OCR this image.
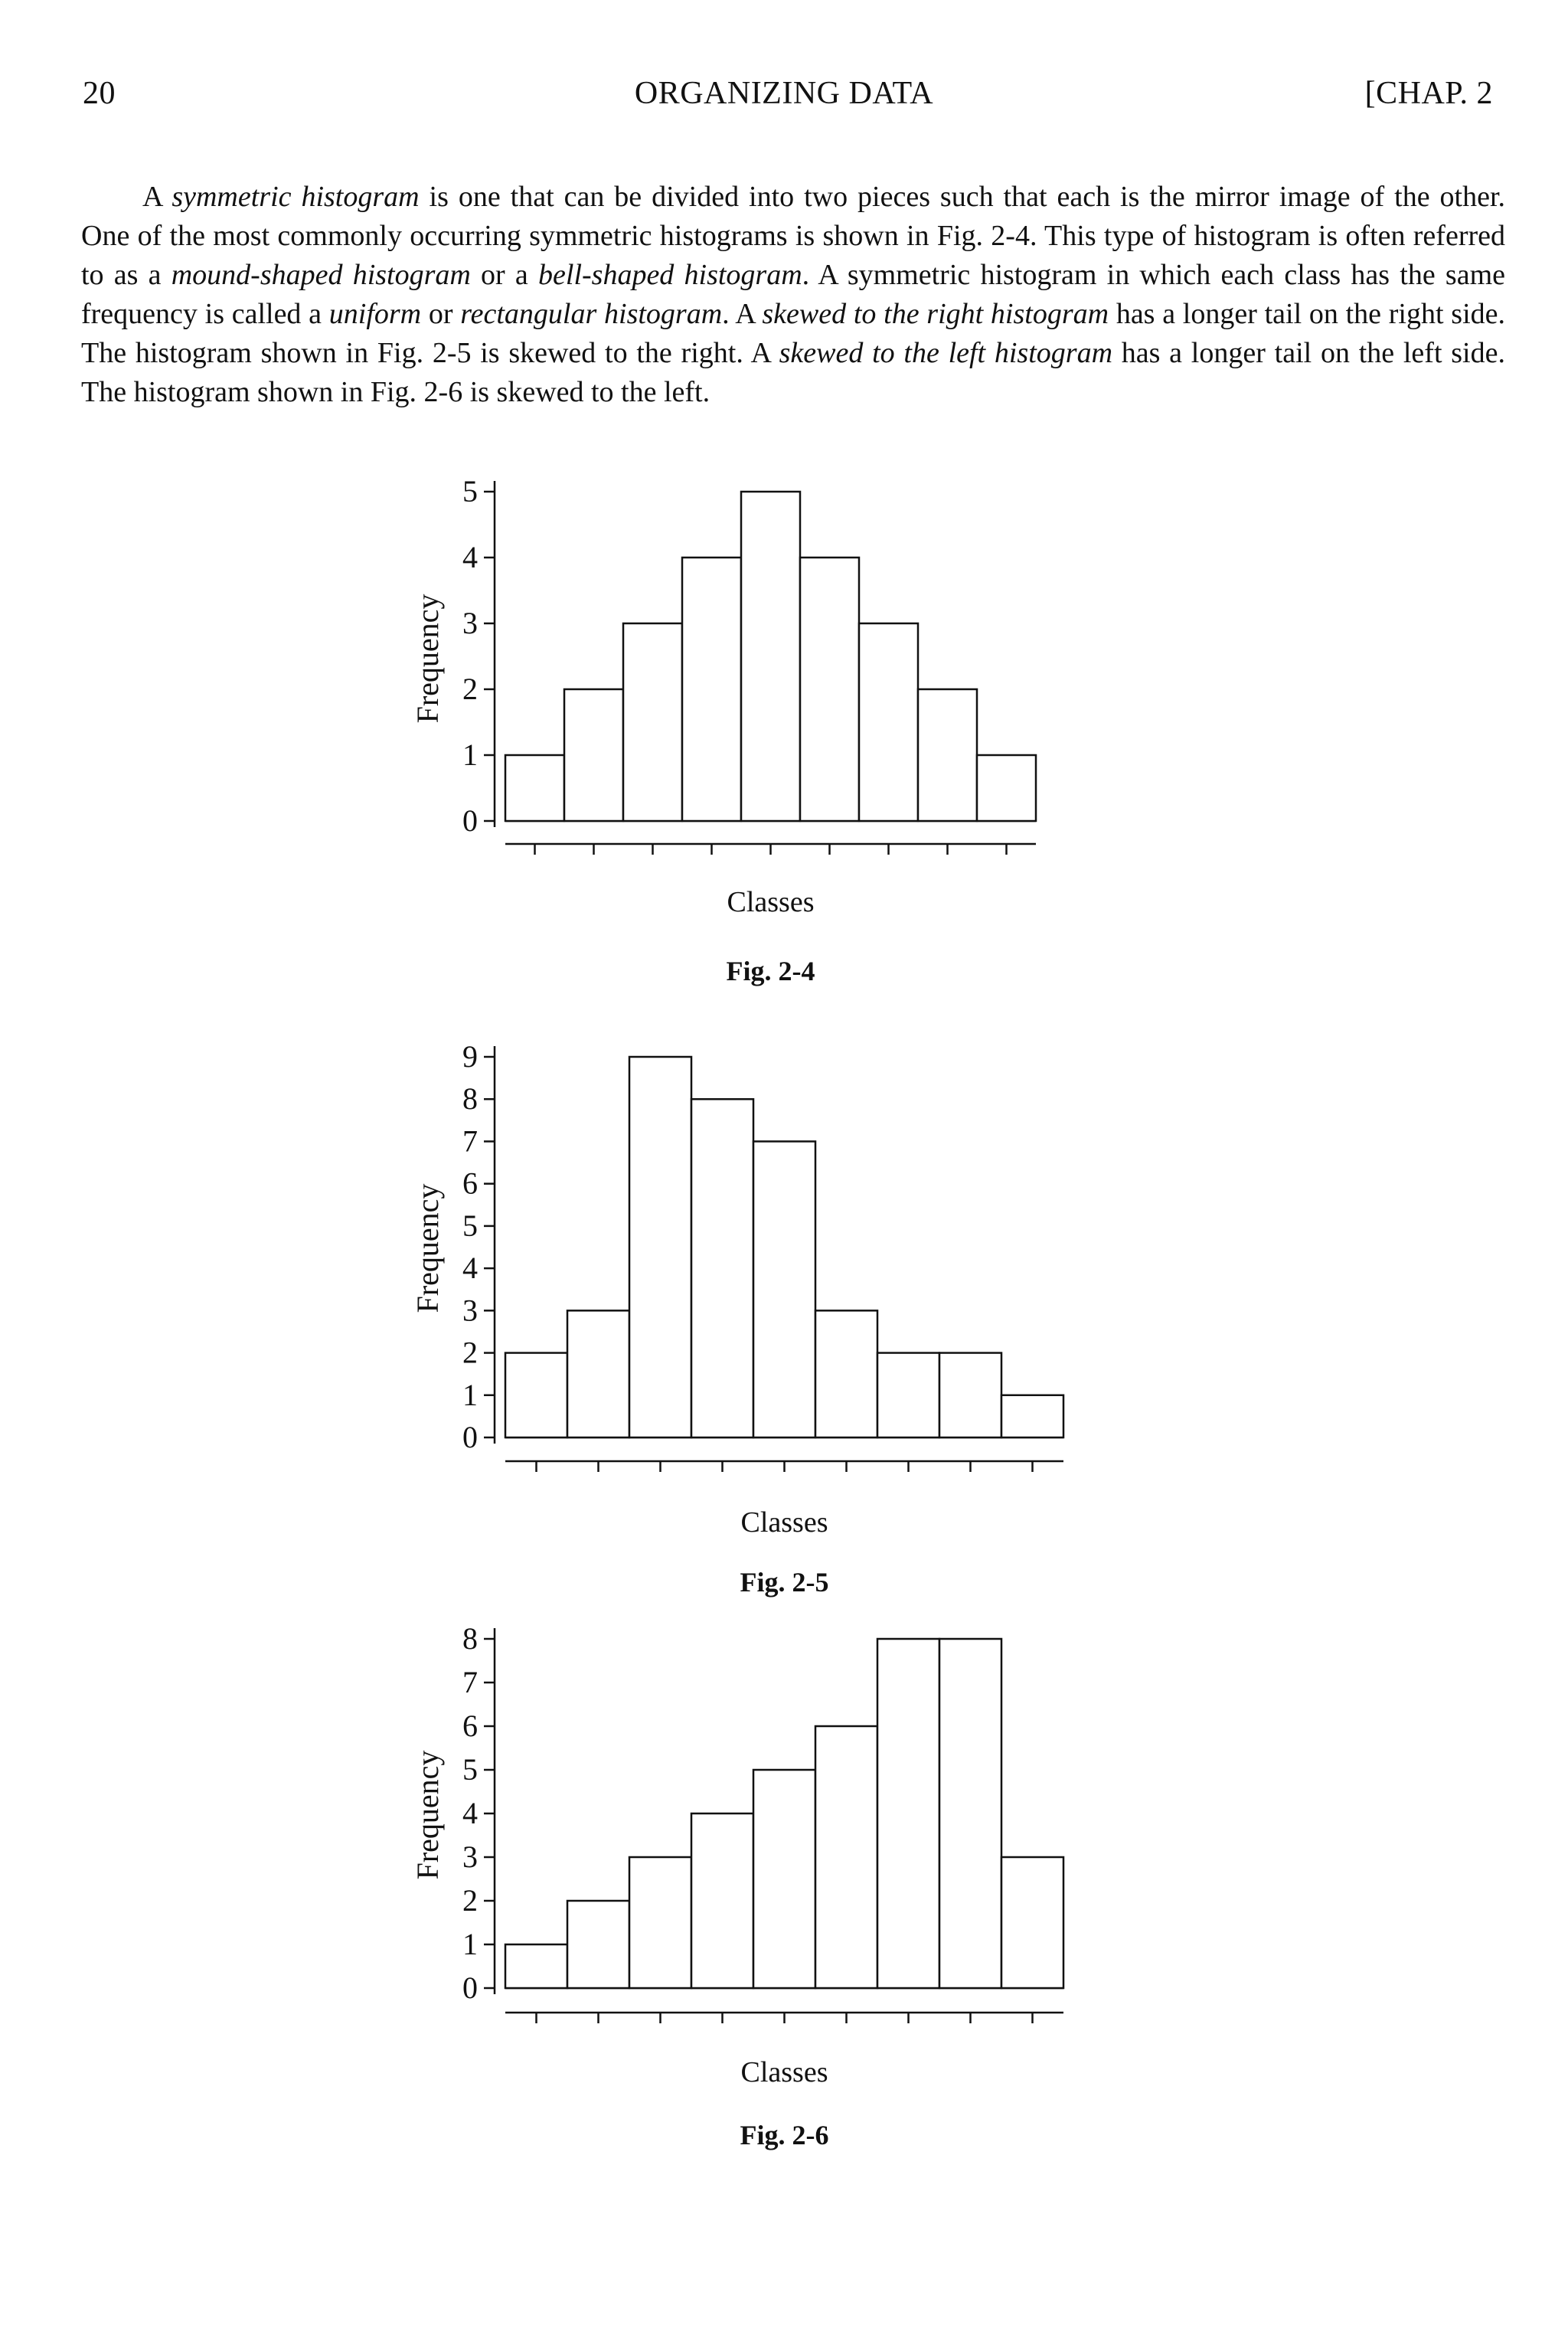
20	ORGANIZING DATA	[CHAP. 2

A symmetric histogram is one that can be divided into two pieces such that each is the mirror image of the other. One of the most commonly occurring symmetric histograms is shown in Fig. 2-4. This type of histogram is often referred to as a mound-shaped histogram or a bell-shaped histogram. A symmetric histogram in which each class has the same frequency is called a uniform or rectangular histogram. A skewed to the right histogram has a longer tail on the right side. The histogram shown in Fig. 2-5 is skewed to the right. A skewed to the left histogram has a longer tail on the left side. The histogram shown in Fig. 2-6 is skewed to the left.

0
1
2
3
4
5
Classes
Frequency
Fig. 2-4
0
1
2
3
4
5
6
7
8
9
Classes
Frequency
Fig. 2-5
0
1
2
3
4
5
6
7
8
Classes
Frequency
Fig. 2-6
